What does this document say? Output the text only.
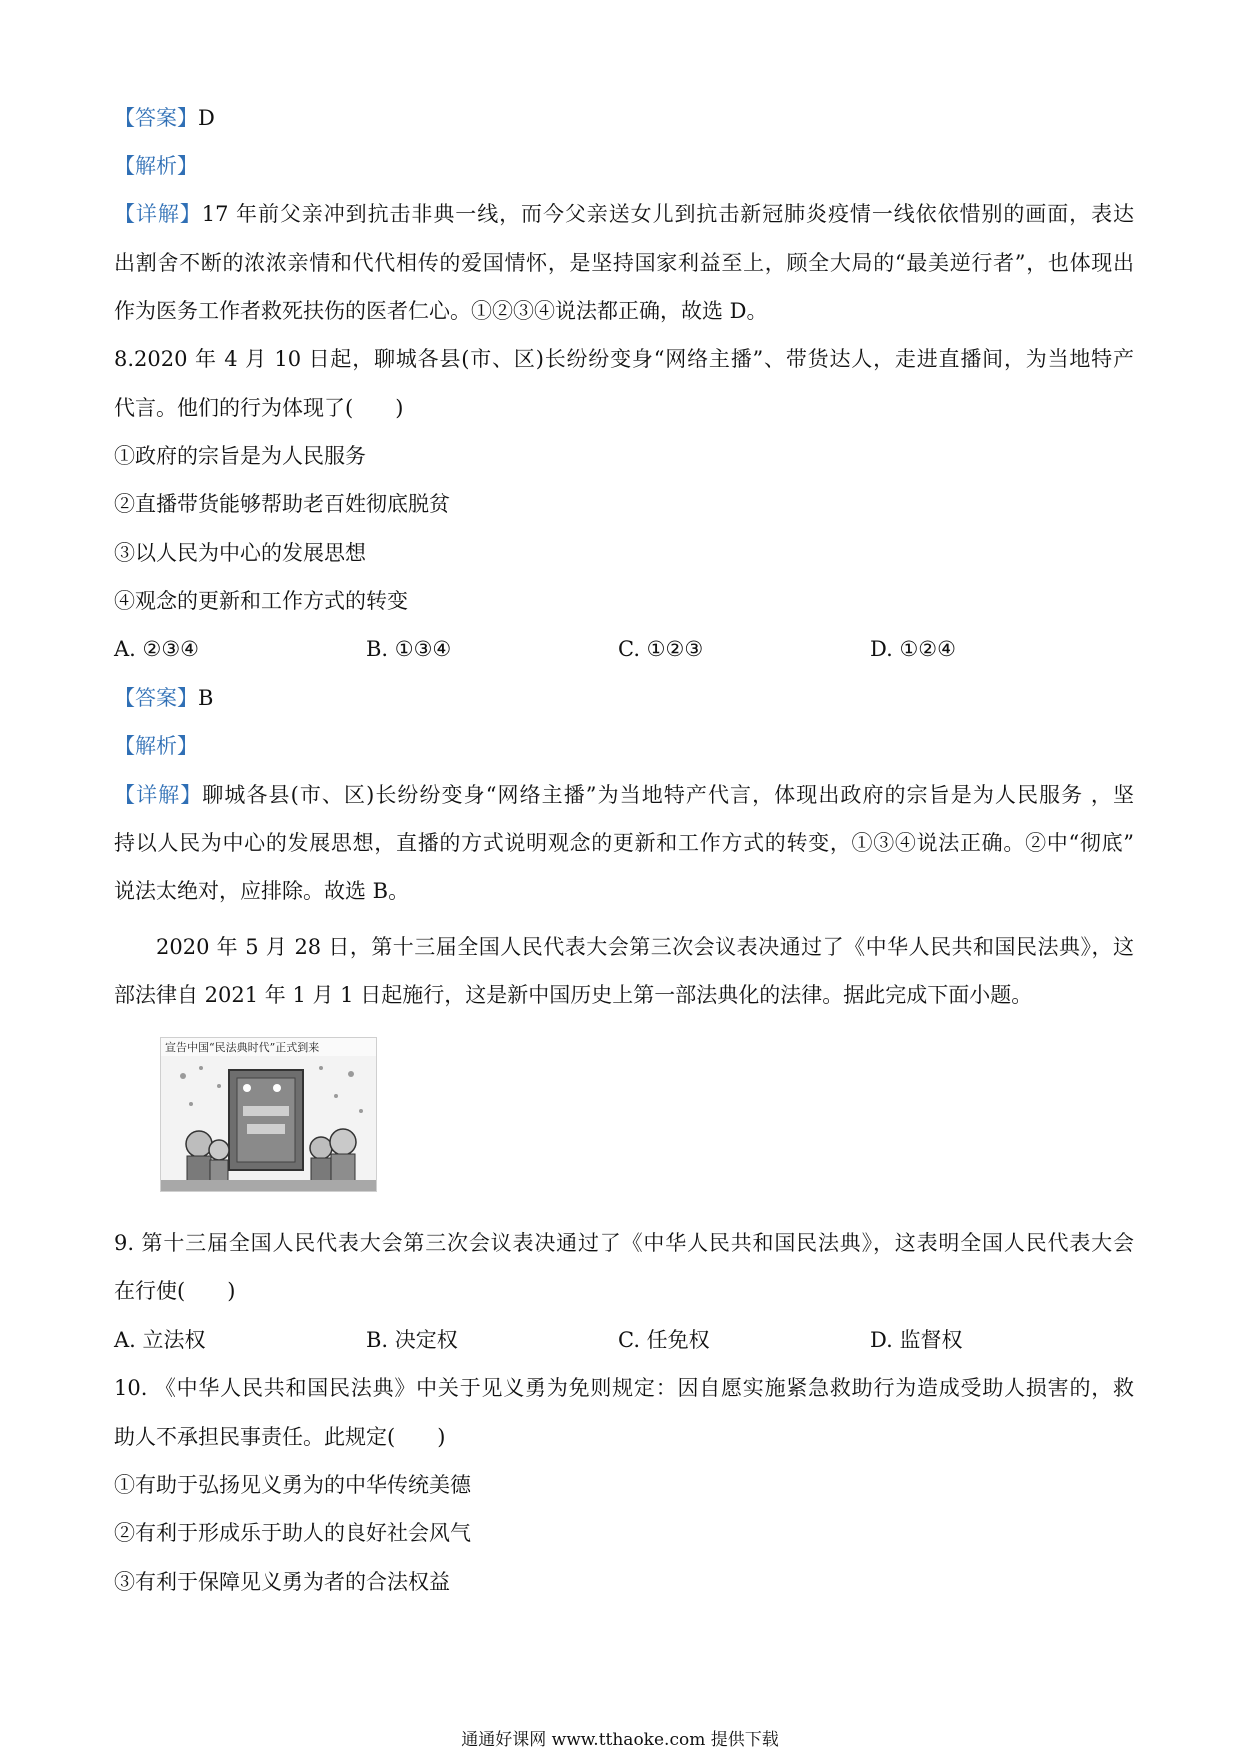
【答案】D
【解析】
【详解】17 年前父亲冲到抗击非典一线，而今父亲送女儿到抗击新冠肺炎疫情一线依依惜别的画面，表达
出割舍不断的浓浓亲情和代代相传的爱国情怀，是坚持国家利益至上，顾全大局的“最美逆行者”，也体现出
作为医务工作者救死扶伤的医者仁心。①②③④说法都正确，故选 D。
8.2020 年 4 月 10 日起，聊城各县(市、区)长纷纷变身“网络主播”、带货达人，走进直播间，为当地特产
代言。他们的行为体现了(　　)
①政府的宗旨是为人民服务
②直播带货能够帮助老百姓彻底脱贫
③以人民为中心的发展思想
④观念的更新和工作方式的转变
A. ②③④	B. ①③④	C. ①②③	D. ①②④
【答案】B
【解析】
【详解】聊城各县(市、区)长纷纷变身“网络主播”为当地特产代言，体现出政府的宗旨是为人民服务 ，坚
持以人民为中心的发展思想，直播的方式说明观念的更新和工作方式的转变，①③④说法正确。②中“彻底”
说法太绝对，应排除。故选 B。
2020 年 5 月 28 日，第十三届全国人民代表大会第三次会议表决通过了《中华人民共和国民法典》，这
部法律自 2021 年 1 月 1 日起施行，这是新中国历史上第一部法典化的法律。据此完成下面小题。
宣告中国“民法典时代”正式到来
9. 第十三届全国人民代表大会第三次会议表决通过了《中华人民共和国民法典》，这表明全国人民代表大会
在行使(　　)
A. 立法权	B. 决定权	C. 任免权	D. 监督权
10. 《中华人民共和国民法典》中关于见义勇为免则规定：因自愿实施紧急救助行为造成受助人损害的，救
助人不承担民事责任。此规定(　　)
①有助于弘扬见义勇为的中华传统美德
②有利于形成乐于助人的良好社会风气
③有利于保障见义勇为者的合法权益
通通好课网 www.tthaoke.com 提供下载
